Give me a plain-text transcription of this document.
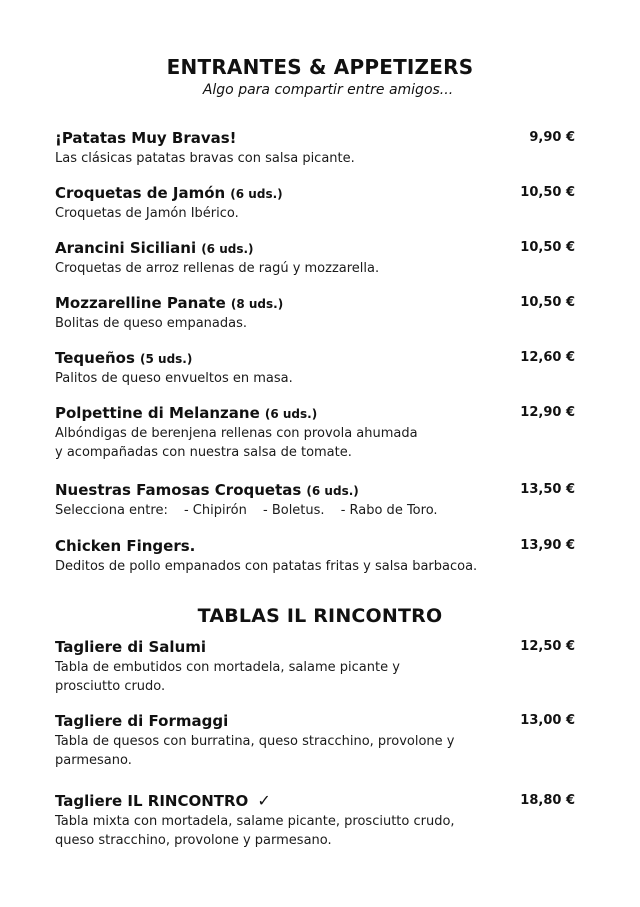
ENTRANTES & APPETIZERS
Algo para compartir entre amigos...
¡Patatas Muy Bravas!	9,90 €
Las clásicas patatas bravas con salsa picante.
Croquetas de Jamón (6 uds.)	10,50 €
Croquetas de Jamón Ibérico.
Arancini Siciliani (6 uds.)	10,50 €
Croquetas de arroz rellenas de ragú y mozzarella.
Mozzarelline Panate (8 uds.)	10,50 €
Bolitas de queso empanadas.
Tequeños (5 uds.)	12,60 €
Palitos de queso envueltos en masa.
Polpettine di Melanzane (6 uds.)	12,90 €
Albóndigas de berenjena rellenas con provola ahumada
y acompañadas con nuestra salsa de tomate.
Nuestras Famosas Croquetas (6 uds.)	13,50 €
Selecciona entre: - Chipirón - Boletus. - Rabo de Toro.
Chicken Fingers.	13,90 €
Deditos de pollo empanados con patatas fritas y salsa barbacoa.
TABLAS IL RINCONTRO
Tagliere di Salumi	12,50 €
Tabla de embutidos con mortadela, salame picante y
prosciutto crudo.
Tagliere di Formaggi	13,00 €
Tabla de quesos con burratina, queso stracchino, provolone y
parmesano.
Tagliere IL RINCONTRO ✓	18,80 €
Tabla mixta con mortadela, salame picante, prosciutto crudo,
queso stracchino, provolone y parmesano.
